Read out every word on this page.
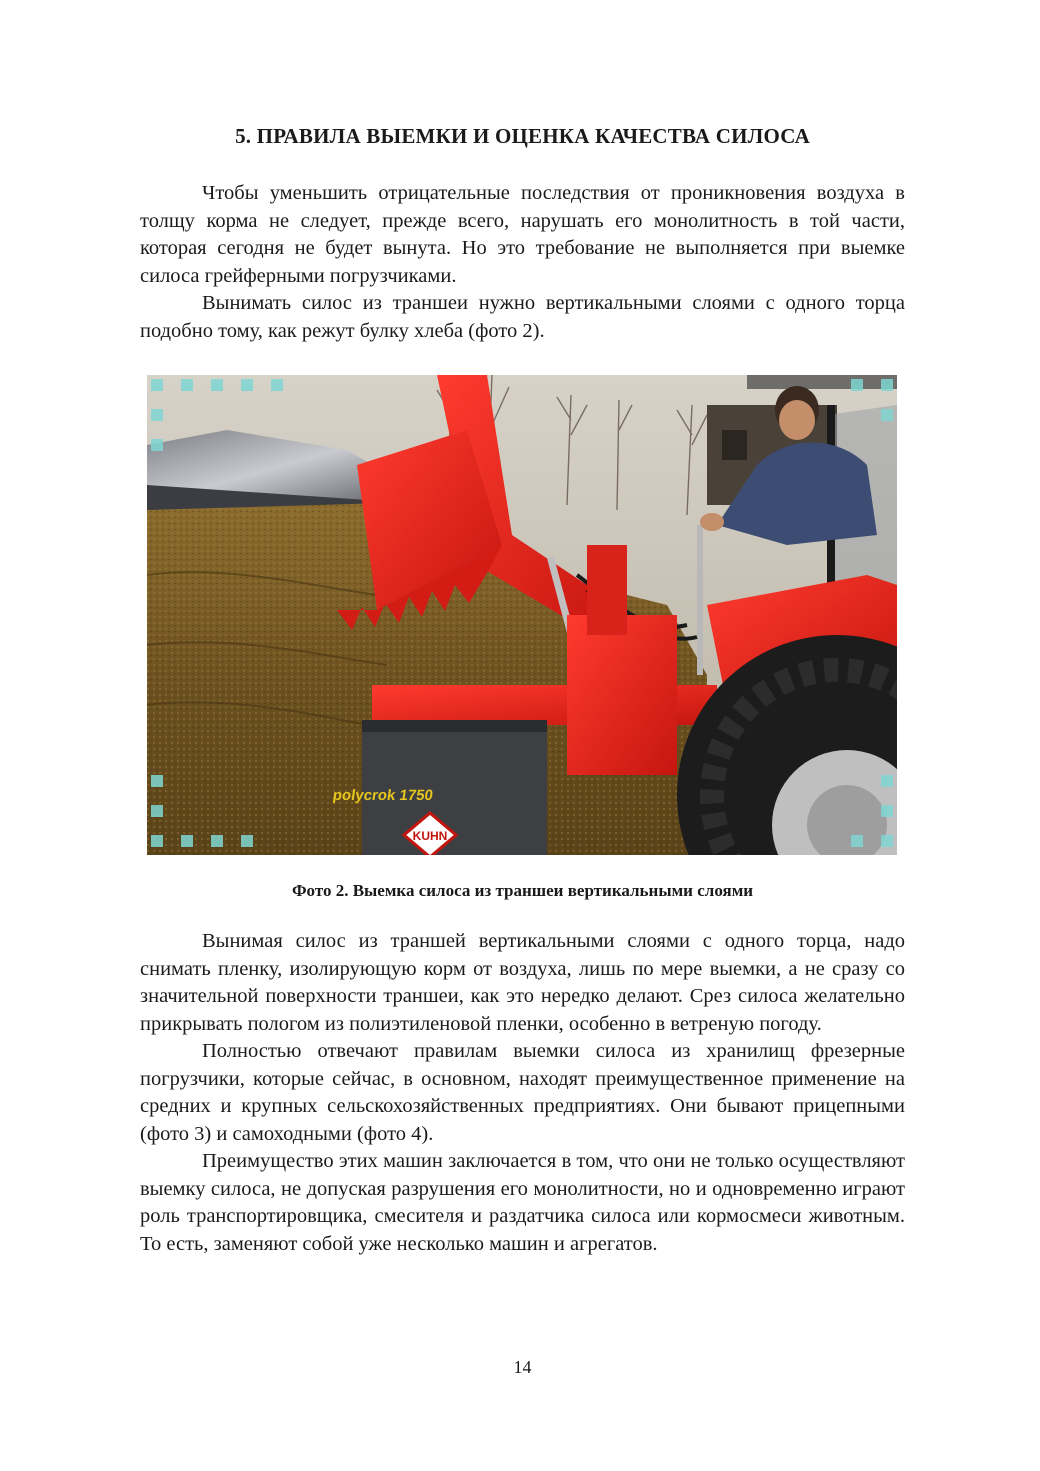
5. ПРАВИЛА ВЫЕМКИ И ОЦЕНКА КАЧЕСТВА СИЛОСА

Чтобы уменьшить отрицательные последствия от проникновения воздуха в толщу корма не следует, прежде всего, нарушать его монолитность в той части, которая сегодня не будет вынута. Но это требование не выполняется при выемке силоса грейферными погрузчиками.

Вынимать силос из траншеи нужно вертикальными слоями с одного торца подобно тому, как режут булку хлеба (фото 2).

polycrok 1750
KUHN
Фото 2. Выемка силоса из траншеи вертикальными слоями

Вынимая силос из траншей вертикальными слоями с одного торца, надо снимать пленку, изолирующую корм от воздуха, лишь по мере выемки, а не сразу со значительной поверхности траншеи, как это нередко делают. Срез силоса желательно прикрывать пологом из полиэтиленовой пленки, особенно в ветреную погоду.

Полностью отвечают правилам выемки силоса из хранилищ фрезерные погрузчики, которые сейчас, в основном, находят преимущественное применение на средних и крупных сельскохозяйственных предприятиях. Они бывают прицепными (фото 3) и самоходными (фото 4).

Преимущество этих машин заключается в том, что они не только осуществляют выемку силоса, не допуская разрушения его монолитности, но и одновременно играют роль транспортировщика, смесителя и раздатчика силоса или кормосмеси животным. То есть, заменяют собой уже несколько машин и агрегатов.

14
